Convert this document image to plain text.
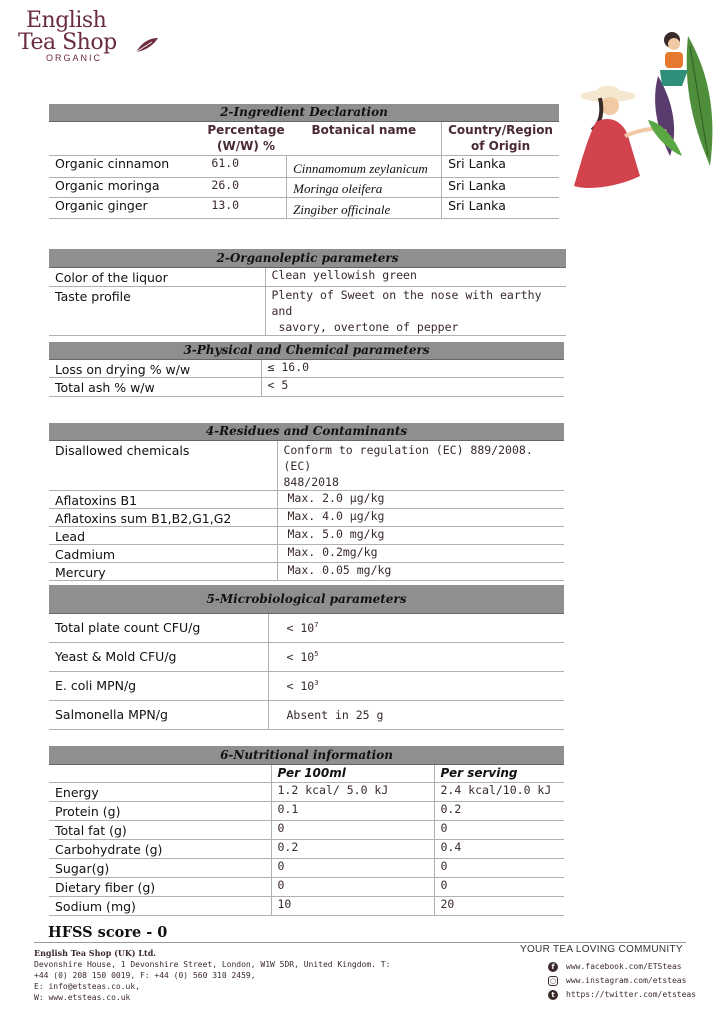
English
Tea Shop
ORGANIC
2-Ingredient Declaration			
	Percentage
(W/W) %	Botanical name	Country/Region
of Origin
Organic cinnamon	61.0	Cinnamomum zeylanicum	Sri Lanka
Organic moringa	26.0	Moringa oleifera	Sri Lanka
Organic ginger	13.0	Zingiber officinale	Sri Lanka
2-Organoleptic parameters	
Color of the liquor	Clean yellowish green
Taste profile	Plenty of Sweet on the nose with earthy and
savory, overtone of pepper
3-Physical and Chemical parameters	
Loss on drying % w/w	≤ 16.0
Total ash % w/w	< 5
4-Residues and Contaminants	
Disallowed chemicals	Conform to regulation (EC) 889/2008. (EC)
848/2018
Aflatoxins B1	Max. 2.0 μg/kg
Aflatoxins sum B1,B2,G1,G2	Max. 4.0 μg/kg
Lead	Max. 5.0 mg/kg
Cadmium	Max. 0.2mg/kg
Mercury	Max. 0.05 mg/kg
5-Microbiological parameters	
Total plate count CFU/g	< $10^7$
Yeast & Mold CFU/g	< $10^5$
E. coli MPN/g	< $10^3$
Salmonella MPN/g	Absent in 25 g
6-Nutritional information		
	Per 100ml	Per serving
Energy	1.2 kcal/ 5.0 kJ	2.4 kcal/10.0 kJ
Protein (g)	0.1	0.2
Total fat (g)	0	0
Carbohydrate (g)	0.2	0.4
Sugar(g)	0	0
Dietary fiber (g)	0	0
Sodium (mg)	10	20
HFSS score - 0
English Tea Shop (UK) Ltd.
Devonshire House, 1 Devonshire Street, London, W1W 5DR, United Kingdom. T:
+44 (0) 208 150 0019, F: +44 (0) 560 310 2459,
E: info@etsteas.co.uk,
W: www.etsteas.co.uk
YOUR TEA LOVING COMMUNITY
f	www.facebook.com/ETSteas
○ www.instagram.com/etsteas
t	https://twitter.com/etsteas
